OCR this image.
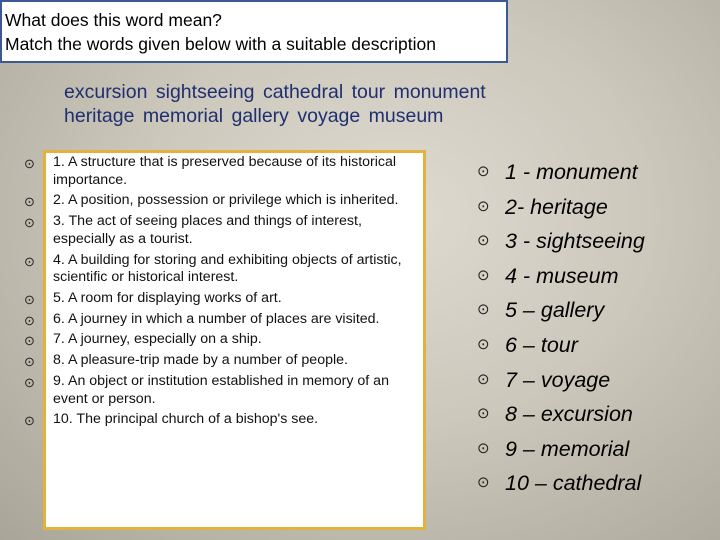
What does this word mean?
Match the words given below with a suitable description
excursion sightseeing cathedral tour monument
heritage memorial gallery voyage museum
⊙ 1. A structure that is preserved because of its historical importance.
⊙ 2. A position, possession or privilege which is inherited.
⊙ 3. The act of seeing places and things of interest, especially as a tourist.
⊙ 4. A building for storing and exhibiting objects of artistic, scientific or historical interest.
⊙ 5. A room for displaying works of art.
⊙ 6. A journey in which a number of places are visited.
⊙ 7. A journey, especially on a ship.
⊙ 8. A pleasure-trip made by a number of people.
⊙ 9. An object or institution established in memory of an event or person.
⊙ 10. The principal church of a bishop's see.
⊙ 1 - monument
⊙ 2- heritage
⊙ 3 - sightseeing
⊙ 4 - museum
⊙ 5 – gallery
⊙ 6 – tour
⊙ 7 – voyage
⊙ 8 – excursion
⊙ 9 – memorial
⊙ 10 – cathedral
